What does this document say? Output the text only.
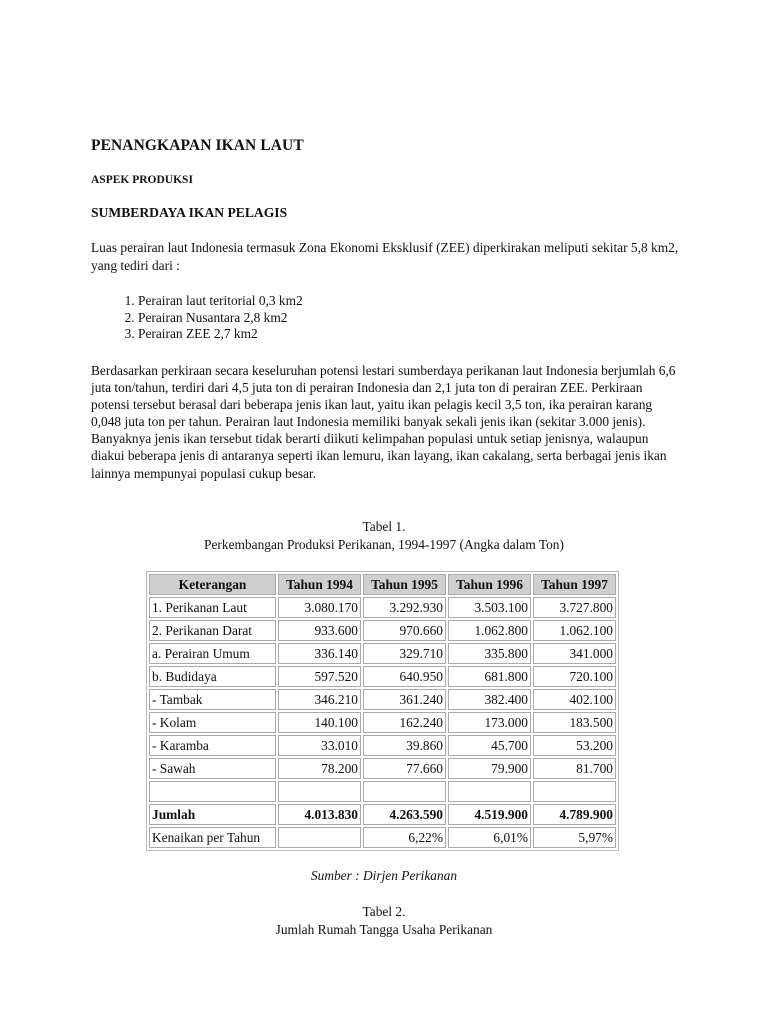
PENANGKAPAN IKAN LAUT
ASPEK PRODUKSI
SUMBERDAYA IKAN PELAGIS

Luas perairan laut Indonesia termasuk Zona Ekonomi Eksklusif (ZEE) diperkirakan meliputi sekitar 5,8 km2, yang tediri dari :

1. Perairan laut teritorial 0,3 km2
2. Perairan Nusantara 2,8 km2
3. Perairan ZEE 2,7 km2

Berdasarkan perkiraan secara keseluruhan potensi lestari sumberdaya perikanan laut Indonesia berjumlah 6,6 juta ton/tahun, terdiri dari 4,5 juta ton di perairan Indonesia dan 2,1 juta ton di perairan ZEE. Perkiraan potensi tersebut berasal dari beberapa jenis ikan laut, yaitu ikan pelagis kecil 3,5 ton, ika perairan karang 0,048 juta ton per tahun. Perairan laut Indonesia memiliki banyak sekali jenis ikan (sekitar 3.000 jenis). Banyaknya jenis ikan tersebut tidak berarti diikuti kelimpahan populasi untuk setiap jenisnya, walaupun diakui beberapa jenis di antaranya seperti ikan lemuru, ikan layang, ikan cakalang, serta berbagai jenis ikan lainnya mempunyai populasi cukup besar.

Tabel 1.
Perkembangan Produksi Perikanan, 1994-1997 (Angka dalam Ton)
Keterangan	Tahun 1994	Tahun 1995	Tahun 1996	Tahun 1997
1. Perikanan Laut	3.080.170	3.292.930	3.503.100	3.727.800
2. Perikanan Darat	933.600	970.660	1.062.800	1.062.100
a. Perairan Umum	336.140	329.710	335.800	341.000
b. Budidaya	597.520	640.950	681.800	720.100
- Tambak	346.210	361.240	382.400	402.100
- Kolam	140.100	162.240	173.000	183.500
- Karamba	33.010	39.860	45.700	53.200
- Sawah	78.200	77.660	79.900	81.700

Jumlah	4.013.830	4.263.590	4.519.900	4.789.900
Kenaikan per Tahun		6,22%	6,01%	5,97%

Sumber : Dirjen Perikanan

Tabel 2.
Jumlah Rumah Tangga Usaha Perikanan
